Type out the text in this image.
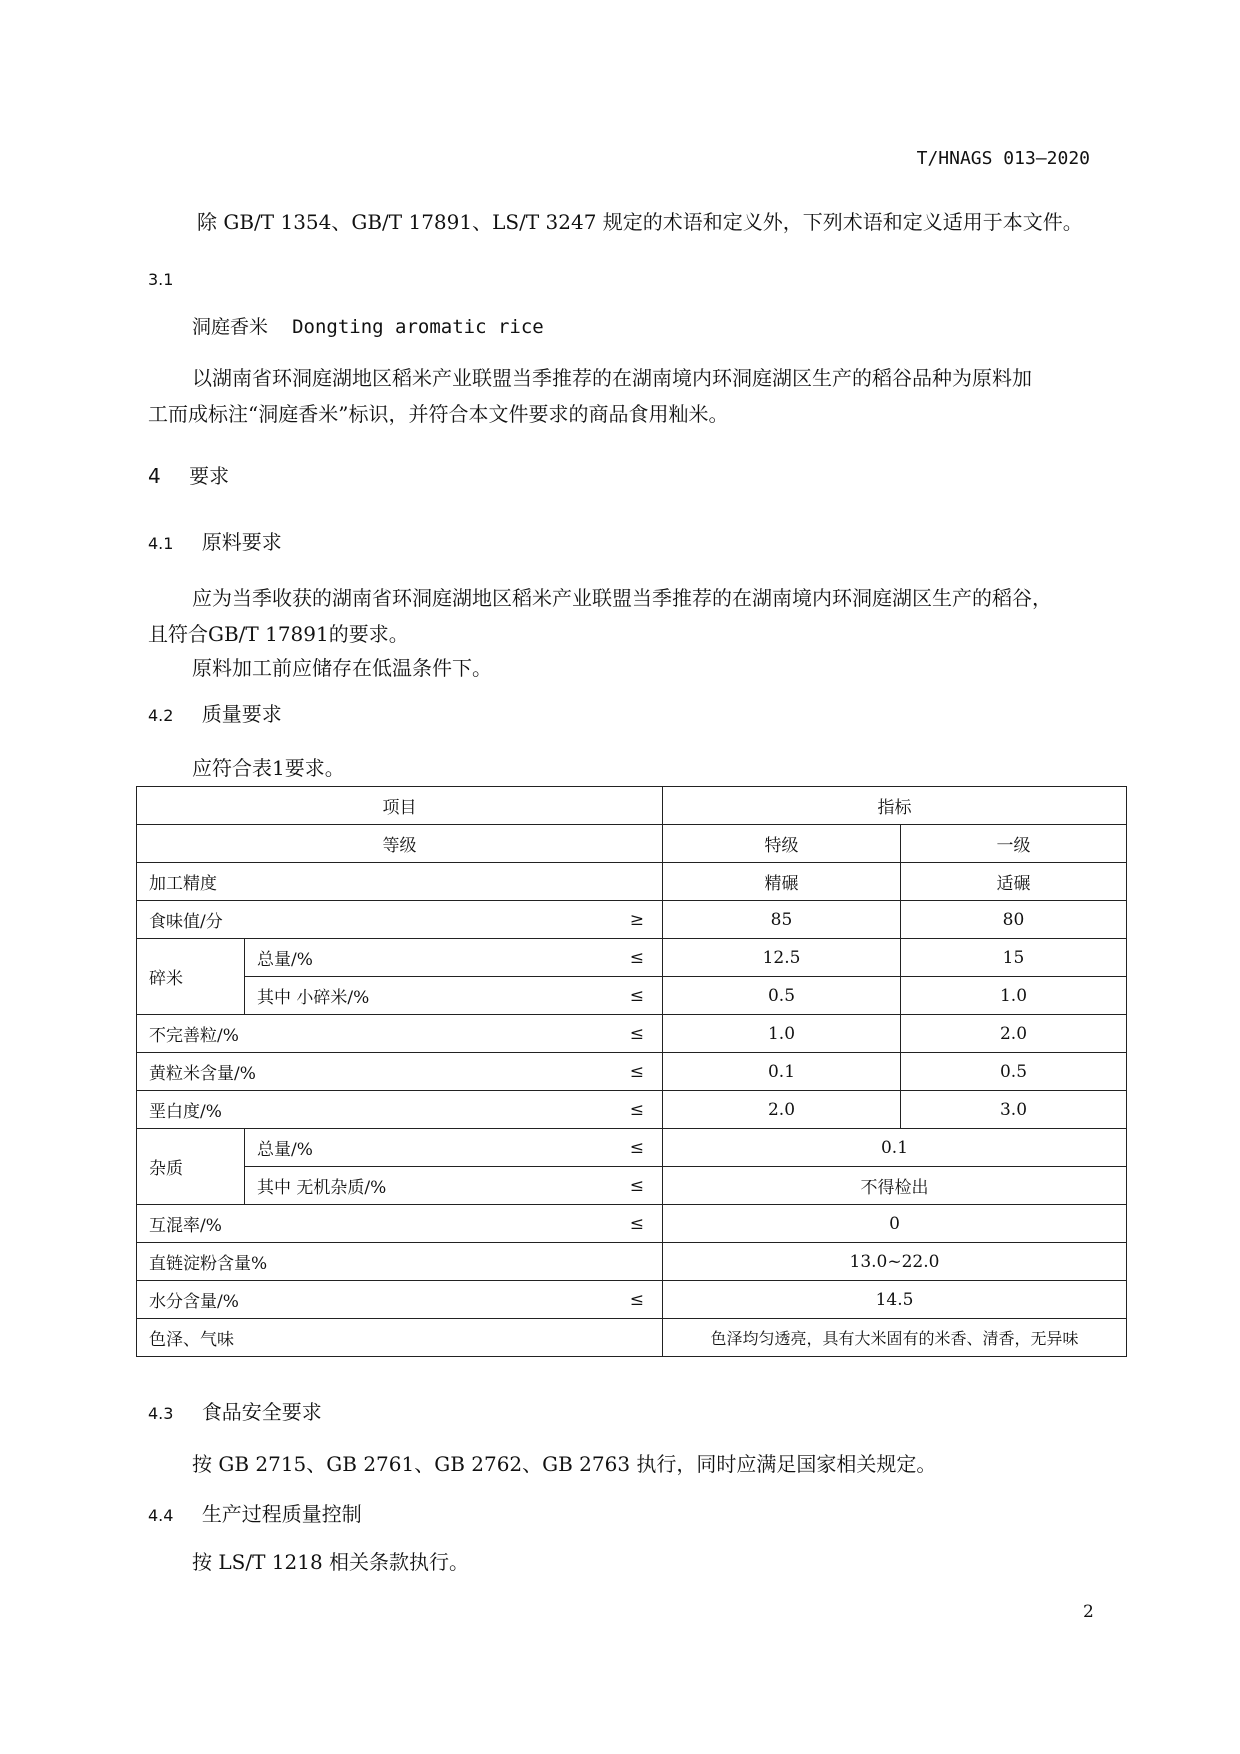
T/HNAGS 013—2020
除 GB/T 1354、GB/T 17891、LS/T 3247 规定的术语和定义外，下列术语和定义适用于本文件。
3.1
洞庭香米 Dongting aromatic rice
以湖南省环洞庭湖地区稻米产业联盟当季推荐的在湖南境内环洞庭湖区生产的稻谷品种为原料加
工而成标注“洞庭香米”标识，并符合本文件要求的商品食用籼米。
4 要求
4.1 原料要求
应为当季收获的湖南省环洞庭湖地区稻米产业联盟当季推荐的在湖南境内环洞庭湖区生产的稻谷，
且符合GB/T 17891的要求。
原料加工前应储存在低温条件下。
4.2 质量要求
应符合表1要求。
项目		指标	
等级		特级	一级
加工精度		精碾	适碾
食味值/分 ≥		85	80
碎米	总量/% ≤	12.5	15
	其中 小碎米/% ≤	0.5	1.0
不完善粒/% ≤		1.0	2.0
黄粒米含量/% ≤		0.1	0.5
垩白度/% ≤		2.0	3.0
杂质	总量/% ≤	0.1	
	其中 无机杂质/% ≤	不得检出	
互混率/% ≤		0	
直链淀粉含量%		13.0~22.0	
水分含量/% ≤		14.5	
色泽、气味		色泽均匀透亮，具有大米固有的米香、清香，无异味	
4.3 食品安全要求
按 GB 2715、GB 2761、GB 2762、GB 2763 执行，同时应满足国家相关规定。
4.4 生产过程质量控制
按 LS/T 1218 相关条款执行。
2
